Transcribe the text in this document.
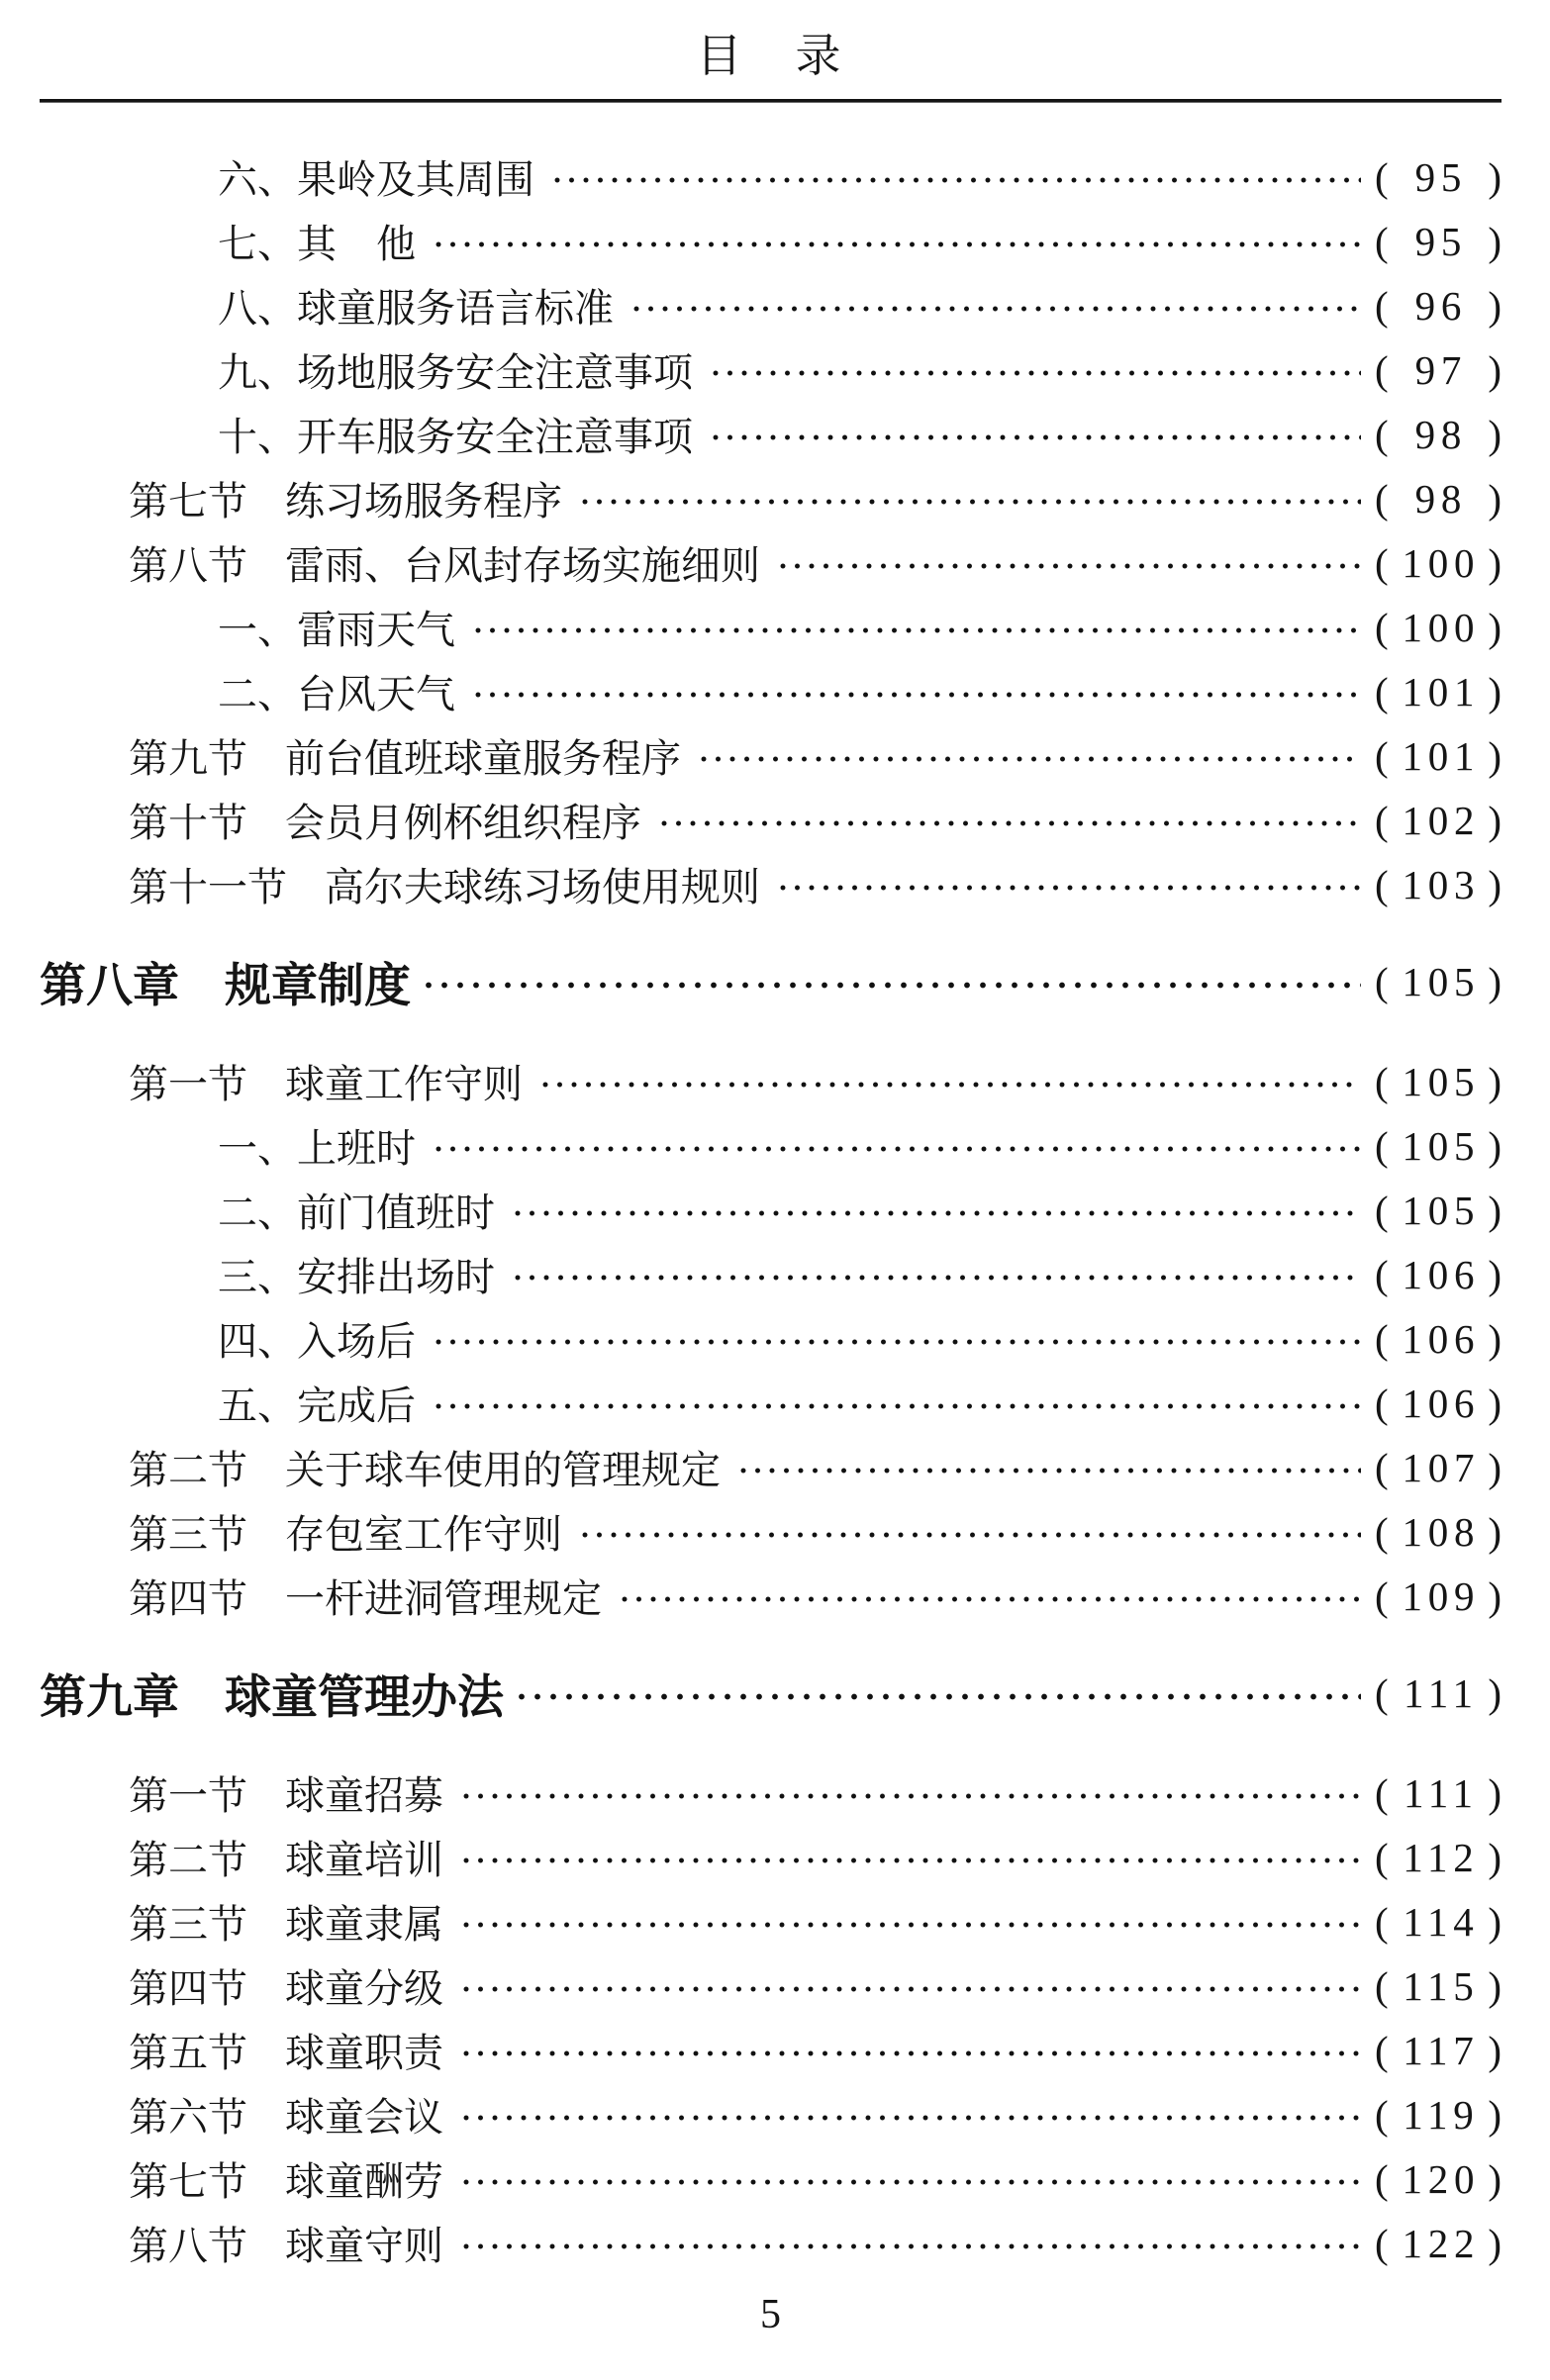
目　录
六、 果岭及其周围	( 95 )
七、 其　他	( 95 )
八、 球童服务语言标准	( 96 )
九、 场地服务安全注意事项	( 97 )
十、 开车服务安全注意事项	( 98 )
第七节 练习场服务程序	( 98 )
第八节 雷雨、台风封存场实施细则	( 100 )
一、 雷雨天气	( 100 )
二、 台风天气	( 101 )
第九节 前台值班球童服务程序	( 101 )
第十节 会员月例杯组织程序	( 102 )
第十一节 高尔夫球练习场使用规则	( 103 )
第八章 规章制度	( 105 )
第一节 球童工作守则	( 105 )
一、 上班时	( 105 )
二、 前门值班时	( 105 )
三、 安排出场时	( 106 )
四、 入场后	( 106 )
五、 完成后	( 106 )
第二节 关于球车使用的管理规定	( 107 )
第三节 存包室工作守则	( 108 )
第四节 一杆进洞管理规定	( 109 )
第九章 球童管理办法	( 111 )
第一节 球童招募	( 111 )
第二节 球童培训	( 112 )
第三节 球童隶属	( 114 )
第四节 球童分级	( 115 )
第五节 球童职责	( 117 )
第六节 球童会议	( 119 )
第七节 球童酬劳	( 120 )
第八节 球童守则	( 122 )
5
